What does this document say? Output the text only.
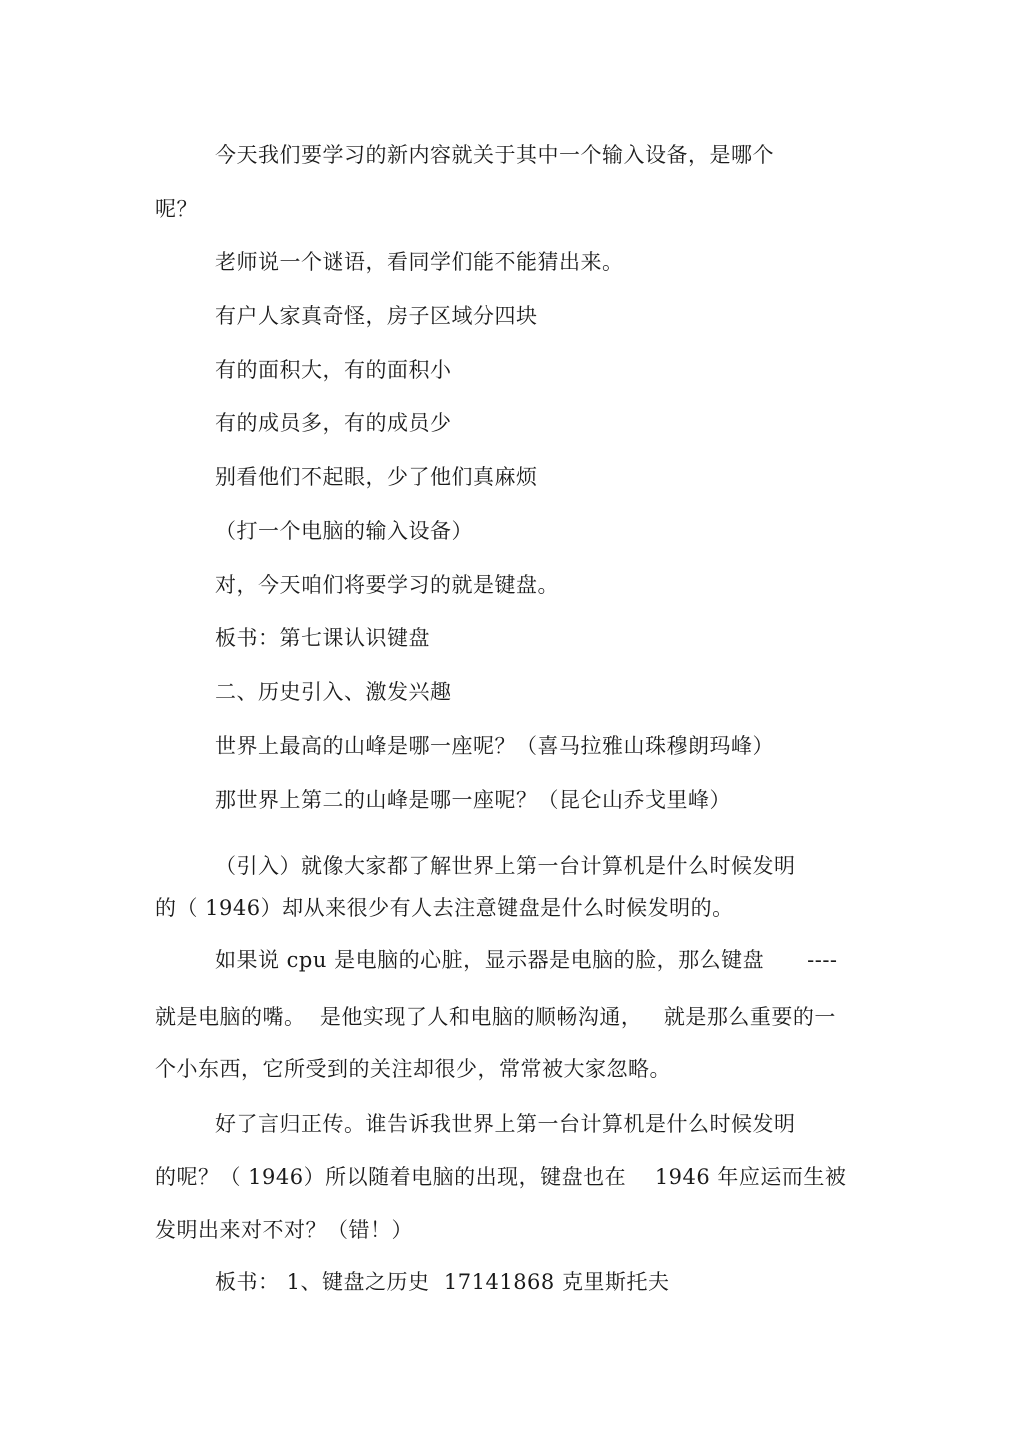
今天我们要学习的新内容就关于其中一个输入设备，是哪个
呢？
老师说一个谜语，看同学们能不能猜出来。
有户人家真奇怪，房子区域分四块
有的面积大，有的面积小
有的成员多，有的成员少
别看他们不起眼，少了他们真麻烦
（打一个电脑的输入设备）
对，今天咱们将要学习的就是键盘。
板书：第七课认识键盘
二、历史引入、激发兴趣
世界上最高的山峰是哪一座呢？（喜马拉雅山珠穆朗玛峰）
那世界上第二的山峰是哪一座呢？（昆仑山乔戈里峰）
（引入）就像大家都了解世界上第一台计算机是什么时候发明
的（ 1946）却从来很少有人去注意键盘是什么时候发明的。
如果说 cpu 是电脑的心脏，显示器是电脑的脸，那么键盘      ----
就是电脑的嘴。  是他实现了人和电脑的顺畅沟通，   就是那么重要的一
个小东西，它所受到的关注却很少，常常被大家忽略。
好了言归正传。谁告诉我世界上第一台计算机是什么时候发明
的呢？（ 1946）所以随着电脑的出现，键盘也在    1946 年应运而生被
发明出来对不对？（错！）
板书： 1、键盘之历史  17141868 克里斯托夫
